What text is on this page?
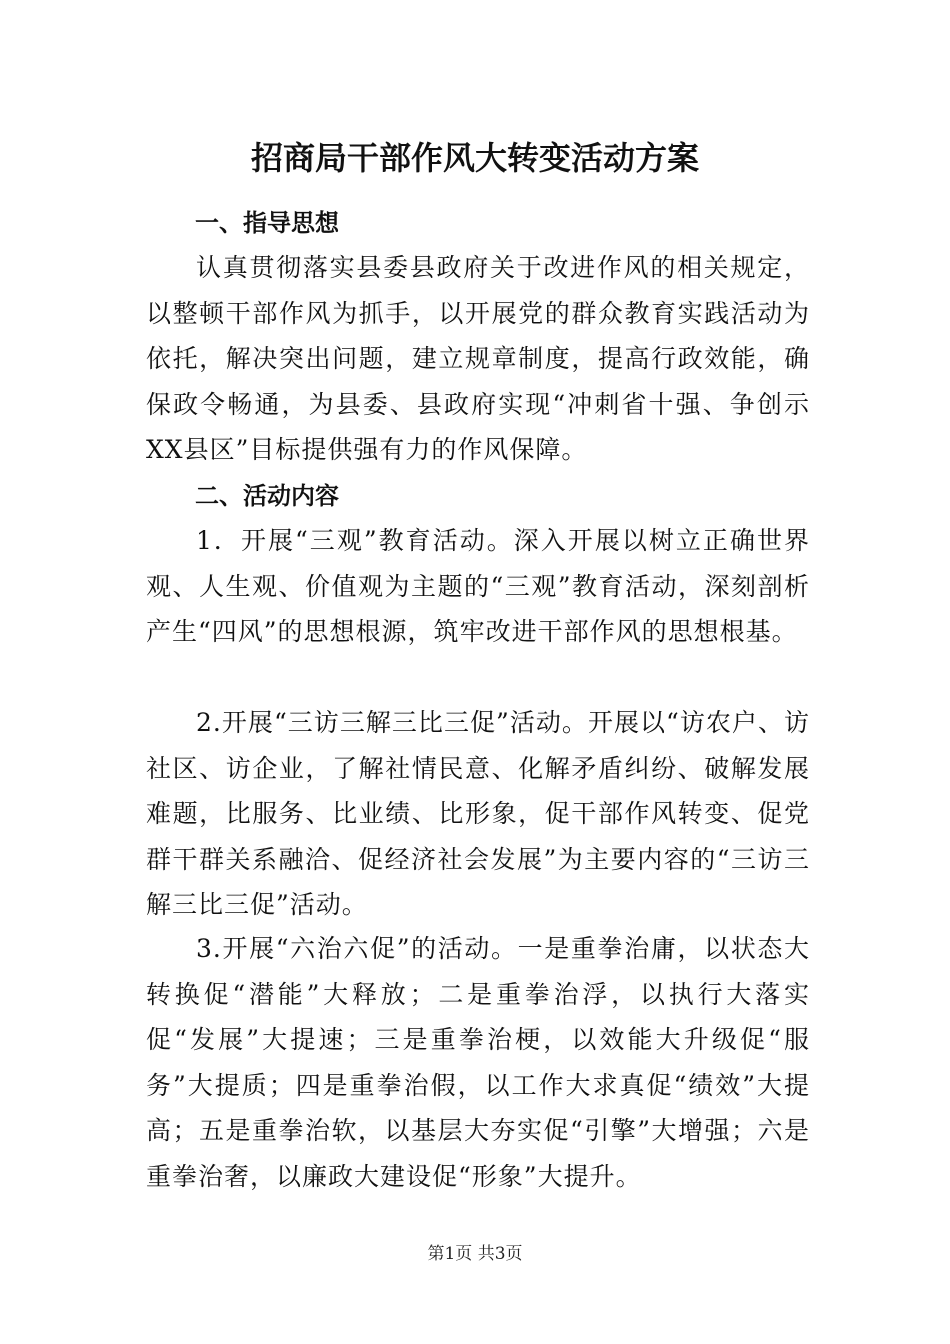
招商局干部作风大转变活动方案
一、指导思想

认真贯彻落实县委县政府关于改进作风的相关规定，以整顿干部作风为抓手，以开展党的群众教育实践活动为依托，解决突出问题，建立规章制度，提高行政效能，确保政令畅通，为县委、县政府实现“冲刺省十强、争创示XX县区”目标提供强有力的作风保障。

二、活动内容

1．开展“三观”教育活动。深入开展以树立正确世界观、人生观、价值观为主题的“三观”教育活动，深刻剖析产生“四风”的思想根源，筑牢改进干部作风的思想根基。

2.开展“三访三解三比三促”活动。开展以“访农户、访社区、访企业，了解社情民意、化解矛盾纠纷、破解发展难题，比服务、比业绩、比形象，促干部作风转变、促党群干群关系融洽、促经济社会发展”为主要内容的“三访三解三比三促”活动。

3.开展“六治六促”的活动。一是重拳治庸，以状态大转换促“潜能”大释放；二是重拳治浮，以执行大落实促“发展”大提速；三是重拳治梗，以效能大升级促“服务”大提质；四是重拳治假，以工作大求真促“绩效”大提高；五是重拳治软，以基层大夯实促“引擎”大增强；六是重拳治奢，以廉政大建设促“形象”大提升。

第1页 共3页
